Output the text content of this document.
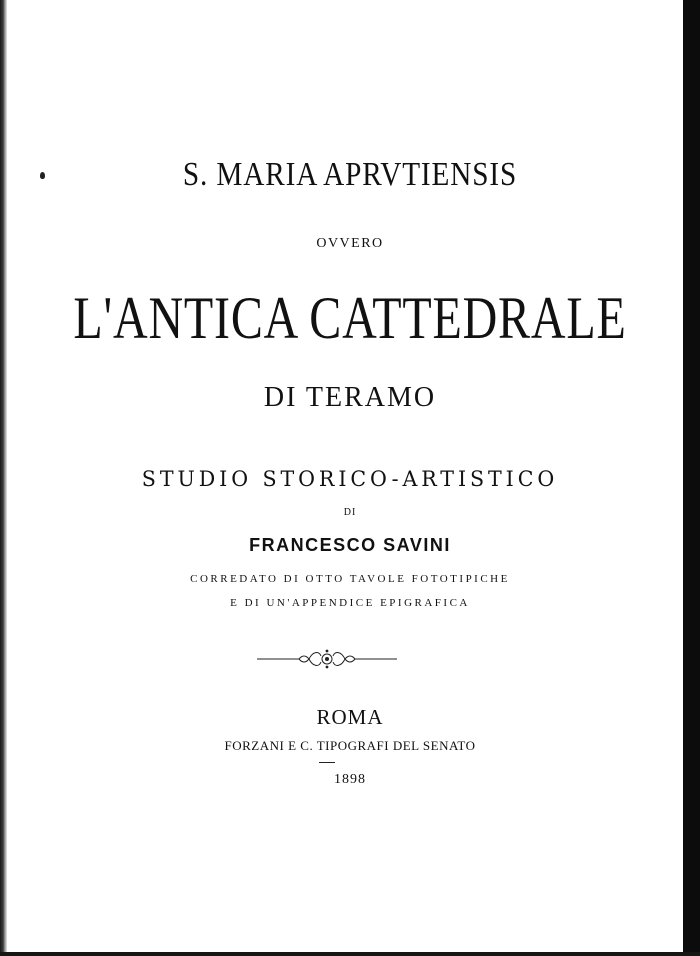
S. MARIA APRVTIENSIS
OVVERO
L'ANTICA CATTEDRALE
DI TERAMO
STUDIO STORICO-ARTISTICO
DI
FRANCESCO SAVINI
CORREDATO DI OTTO TAVOLE FOTOTIPICHE
E DI UN'APPENDICE EPIGRAFICA
ROMA
FORZANI E C. TIPOGRAFI DEL SENATO
1898
